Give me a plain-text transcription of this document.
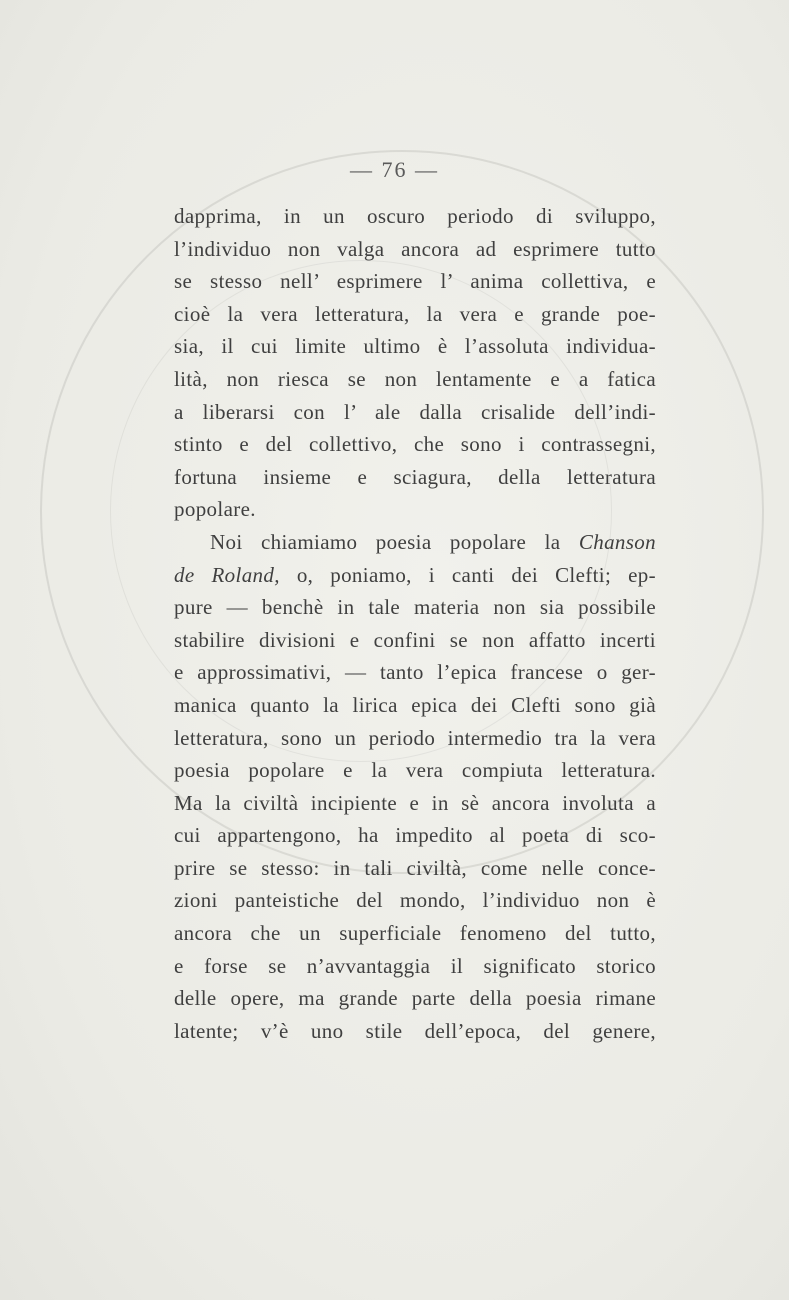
— 76 —
dapprima, in un oscuro periodo di sviluppo,
l’individuo non valga ancora ad esprimere tutto
se stesso nell’ esprimere l’ anima collettiva, e
cioè la vera letteratura, la vera e grande poe-
sia, il cui limite ultimo è l’assoluta individua-
lità, non riesca se non lentamente e a fatica
a liberarsi con l’ ale dalla crisalide dell’indi-
stinto e del collettivo, che sono i contrassegni,
fortuna insieme e sciagura, della letteratura
popolare.
Noi chiamiamo poesia popolare la Chanson
de Roland, o, poniamo, i canti dei Clefti; ep-
pure — benchè in tale materia non sia possibile
stabilire divisioni e confini se non affatto incerti
e approssimativi, — tanto l’epica francese o ger-
manica quanto la lirica epica dei Clefti sono già
letteratura, sono un periodo intermedio tra la vera
poesia popolare e la vera compiuta letteratura.
Ma la civiltà incipiente e in sè ancora involuta a
cui appartengono, ha impedito al poeta di sco-
prire se stesso: in tali civiltà, come nelle conce-
zioni panteistiche del mondo, l’individuo non è
ancora che un superficiale fenomeno del tutto,
e forse se n’avvantaggia il significato storico
delle opere, ma grande parte della poesia rimane
latente; v’è uno stile dell’epoca, del genere,
